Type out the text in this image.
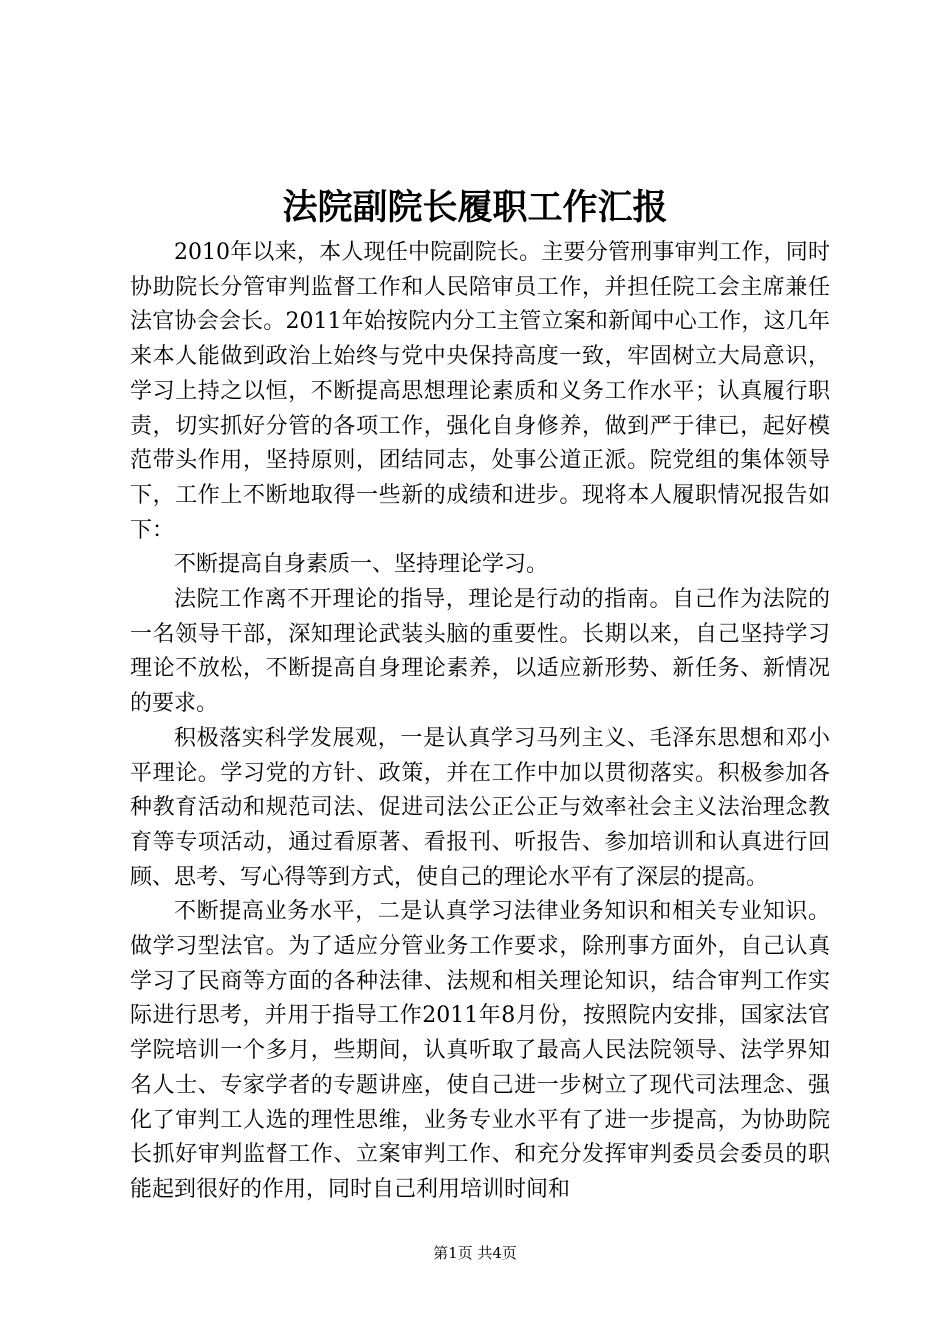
法院副院长履职工作汇报

2010年以来，本人现任中院副院长。主要分管刑事审判工作，同时协助院长分管审判监督工作和人民陪审员工作，并担任院工会主席兼任法官协会会长。2011年始按院内分工主管立案和新闻中心工作，这几年来本人能做到政治上始终与党中央保持高度一致，牢固树立大局意识，学习上持之以恒，不断提高思想理论素质和义务工作水平；认真履行职责，切实抓好分管的各项工作，强化自身修养，做到严于律已，起好模范带头作用，坚持原则，团结同志，处事公道正派。院党组的集体领导下，工作上不断地取得一些新的成绩和进步。现将本人履职情况报告如下：

不断提高自身素质一、坚持理论学习。

法院工作离不开理论的指导，理论是行动的指南。自己作为法院的一名领导干部，深知理论武装头脑的重要性。长期以来，自己坚持学习理论不放松，不断提高自身理论素养，以适应新形势、新任务、新情况的要求。

积极落实科学发展观，一是认真学习马列主义、毛泽东思想和邓小平理论。学习党的方针、政策，并在工作中加以贯彻落实。积极参加各种教育活动和规范司法、促进司法公正公正与效率社会主义法治理念教育等专项活动，通过看原著、看报刊、听报告、参加培训和认真进行回顾、思考、写心得等到方式，使自己的理论水平有了深层的提高。

不断提高业务水平，二是认真学习法律业务知识和相关专业知识。做学习型法官。为了适应分管业务工作要求，除刑事方面外，自己认真学习了民商等方面的各种法律、法规和相关理论知识，结合审判工作实际进行思考，并用于指导工作2011年8月份，按照院内安排，国家法官学院培训一个多月，些期间，认真听取了最高人民法院领导、法学界知名人士、专家学者的专题讲座，使自己进一步树立了现代司法理念、强化了审判工人选的理性思维，业务专业水平有了进一步提高，为协助院长抓好审判监督工作、立案审判工作、和充分发挥审判委员会委员的职能起到很好的作用，同时自己利用培训时间和

第1页 共4页
